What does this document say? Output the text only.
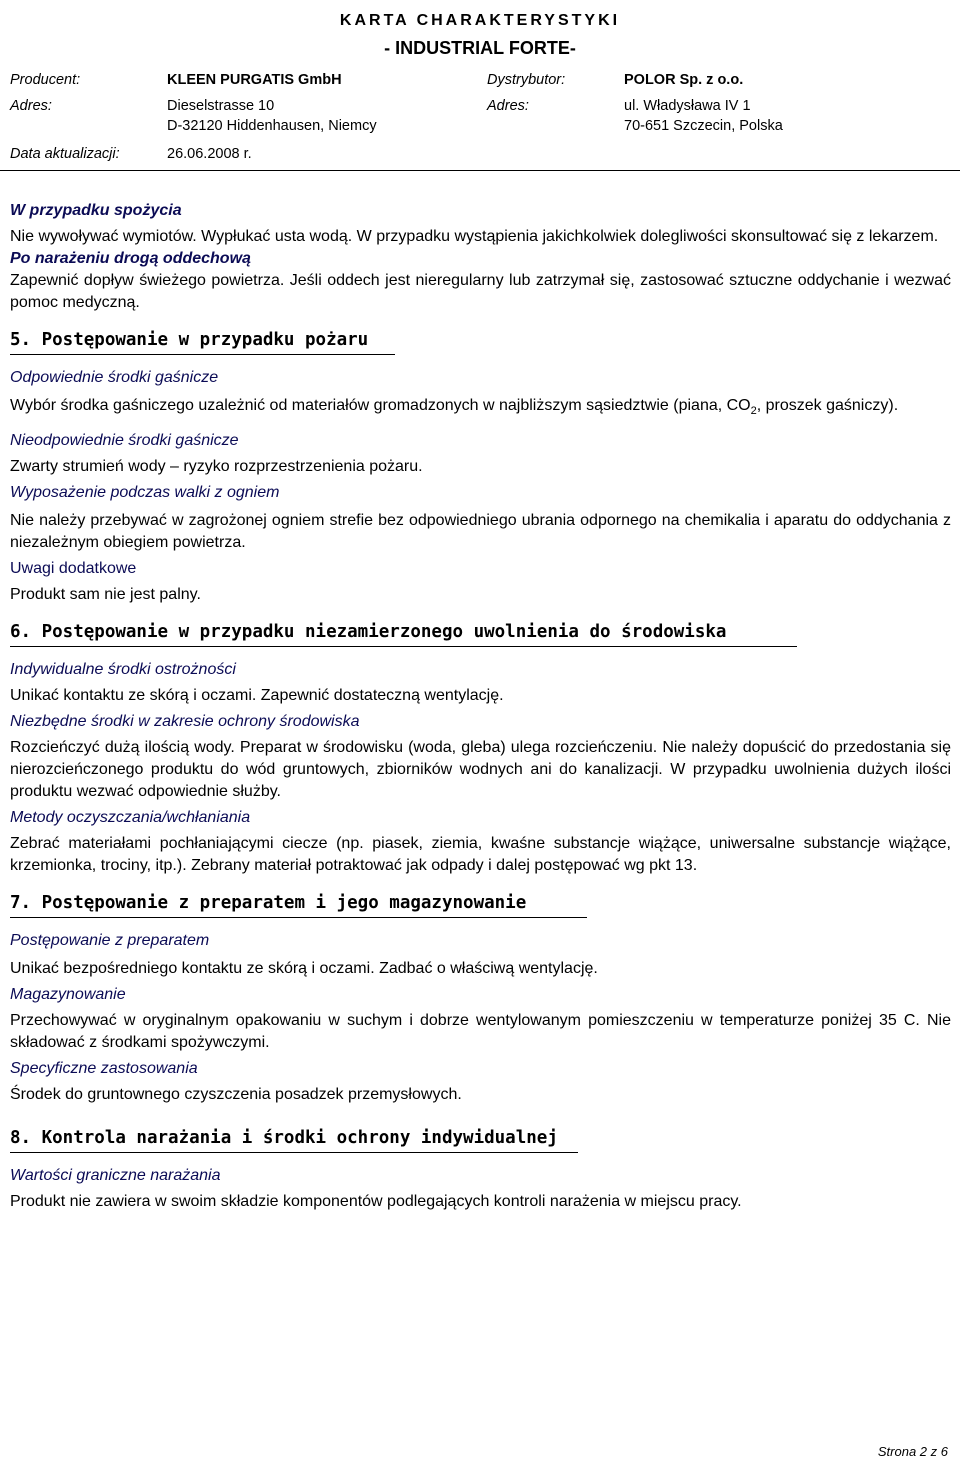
KARTA CHARAKTERYSTYKI
- INDUSTRIAL FORTE-
Producent:	KLEEN PURGATIS GmbH	Dystrybutor:	POLOR Sp. z o.o.
Adres:	Dieselstrasse 10	Adres:	ul. Władysława IV 1
D-32120 Hiddenhausen, Niemcy	70-651 Szczecin, Polska
Data aktualizacji:	26.06.2008 r.
W przypadku spożycia

Nie wywoływać wymiotów. Wypłukać usta wodą. W przypadku wystąpienia jakichkolwiek dolegliwości skonsultować się z lekarzem.

Po narażeniu drogą oddechową

Zapewnić dopływ świeżego powietrza. Jeśli oddech jest nieregularny lub zatrzymał się, zastosować sztuczne oddychanie i wezwać pomoc medyczną.

5. Postępowanie w przypadku pożaru
Odpowiednie środki gaśnicze

Wybór środka gaśniczego uzależnić od materiałów gromadzonych w najbliższym sąsiedztwie (piana, $CO_2$, proszek gaśniczy).

Nieodpowiednie środki gaśnicze

Zwarty strumień wody – ryzyko rozprzestrzenienia pożaru.

Wyposażenie podczas walki z ogniem

Nie należy przebywać w zagrożonej ogniem strefie bez odpowiedniego ubrania odpornego na chemikalia i aparatu do oddychania z niezależnym obiegiem powietrza.

Uwagi dodatkowe

Produkt sam nie jest palny.

6. Postępowanie w przypadku niezamierzonego uwolnienia do środowiska
Indywidualne środki ostrożności

Unikać kontaktu ze skórą i oczami. Zapewnić dostateczną wentylację.

Niezbędne środki w zakresie ochrony środowiska

Rozcieńczyć dużą ilością wody. Preparat w środowisku (woda, gleba) ulega rozcieńczeniu. Nie należy dopuścić do przedostania się nierozcieńczonego produktu do wód gruntowych, zbiorników wodnych ani do kanalizacji. W przypadku uwolnienia dużych ilości produktu wezwać odpowiednie służby.

Metody oczyszczania/wchłaniania

Zebrać materiałami pochłaniającymi ciecze (np. piasek, ziemia, kwaśne substancje wiążące, uniwersalne substancje wiążące, krzemionka, trociny, itp.). Zebrany materiał potraktować jak odpady i dalej postępować wg pkt 13.

7. Postępowanie z preparatem i jego magazynowanie
Postępowanie z preparatem

Unikać bezpośredniego kontaktu ze skórą i oczami. Zadbać o właściwą wentylację.

Magazynowanie

Przechowywać w oryginalnym opakowaniu w suchym i dobrze wentylowanym pomieszczeniu w temperaturze poniżej 35 C. Nie składować z środkami spożywczymi.

Specyficzne zastosowania

Środek do gruntownego czyszczenia posadzek przemysłowych.

8. Kontrola narażania i środki ochrony indywidualnej
Wartości graniczne narażania

Produkt nie zawiera w swoim składzie komponentów podlegających kontroli narażenia w miejscu pracy.

Strona 2 z 6
